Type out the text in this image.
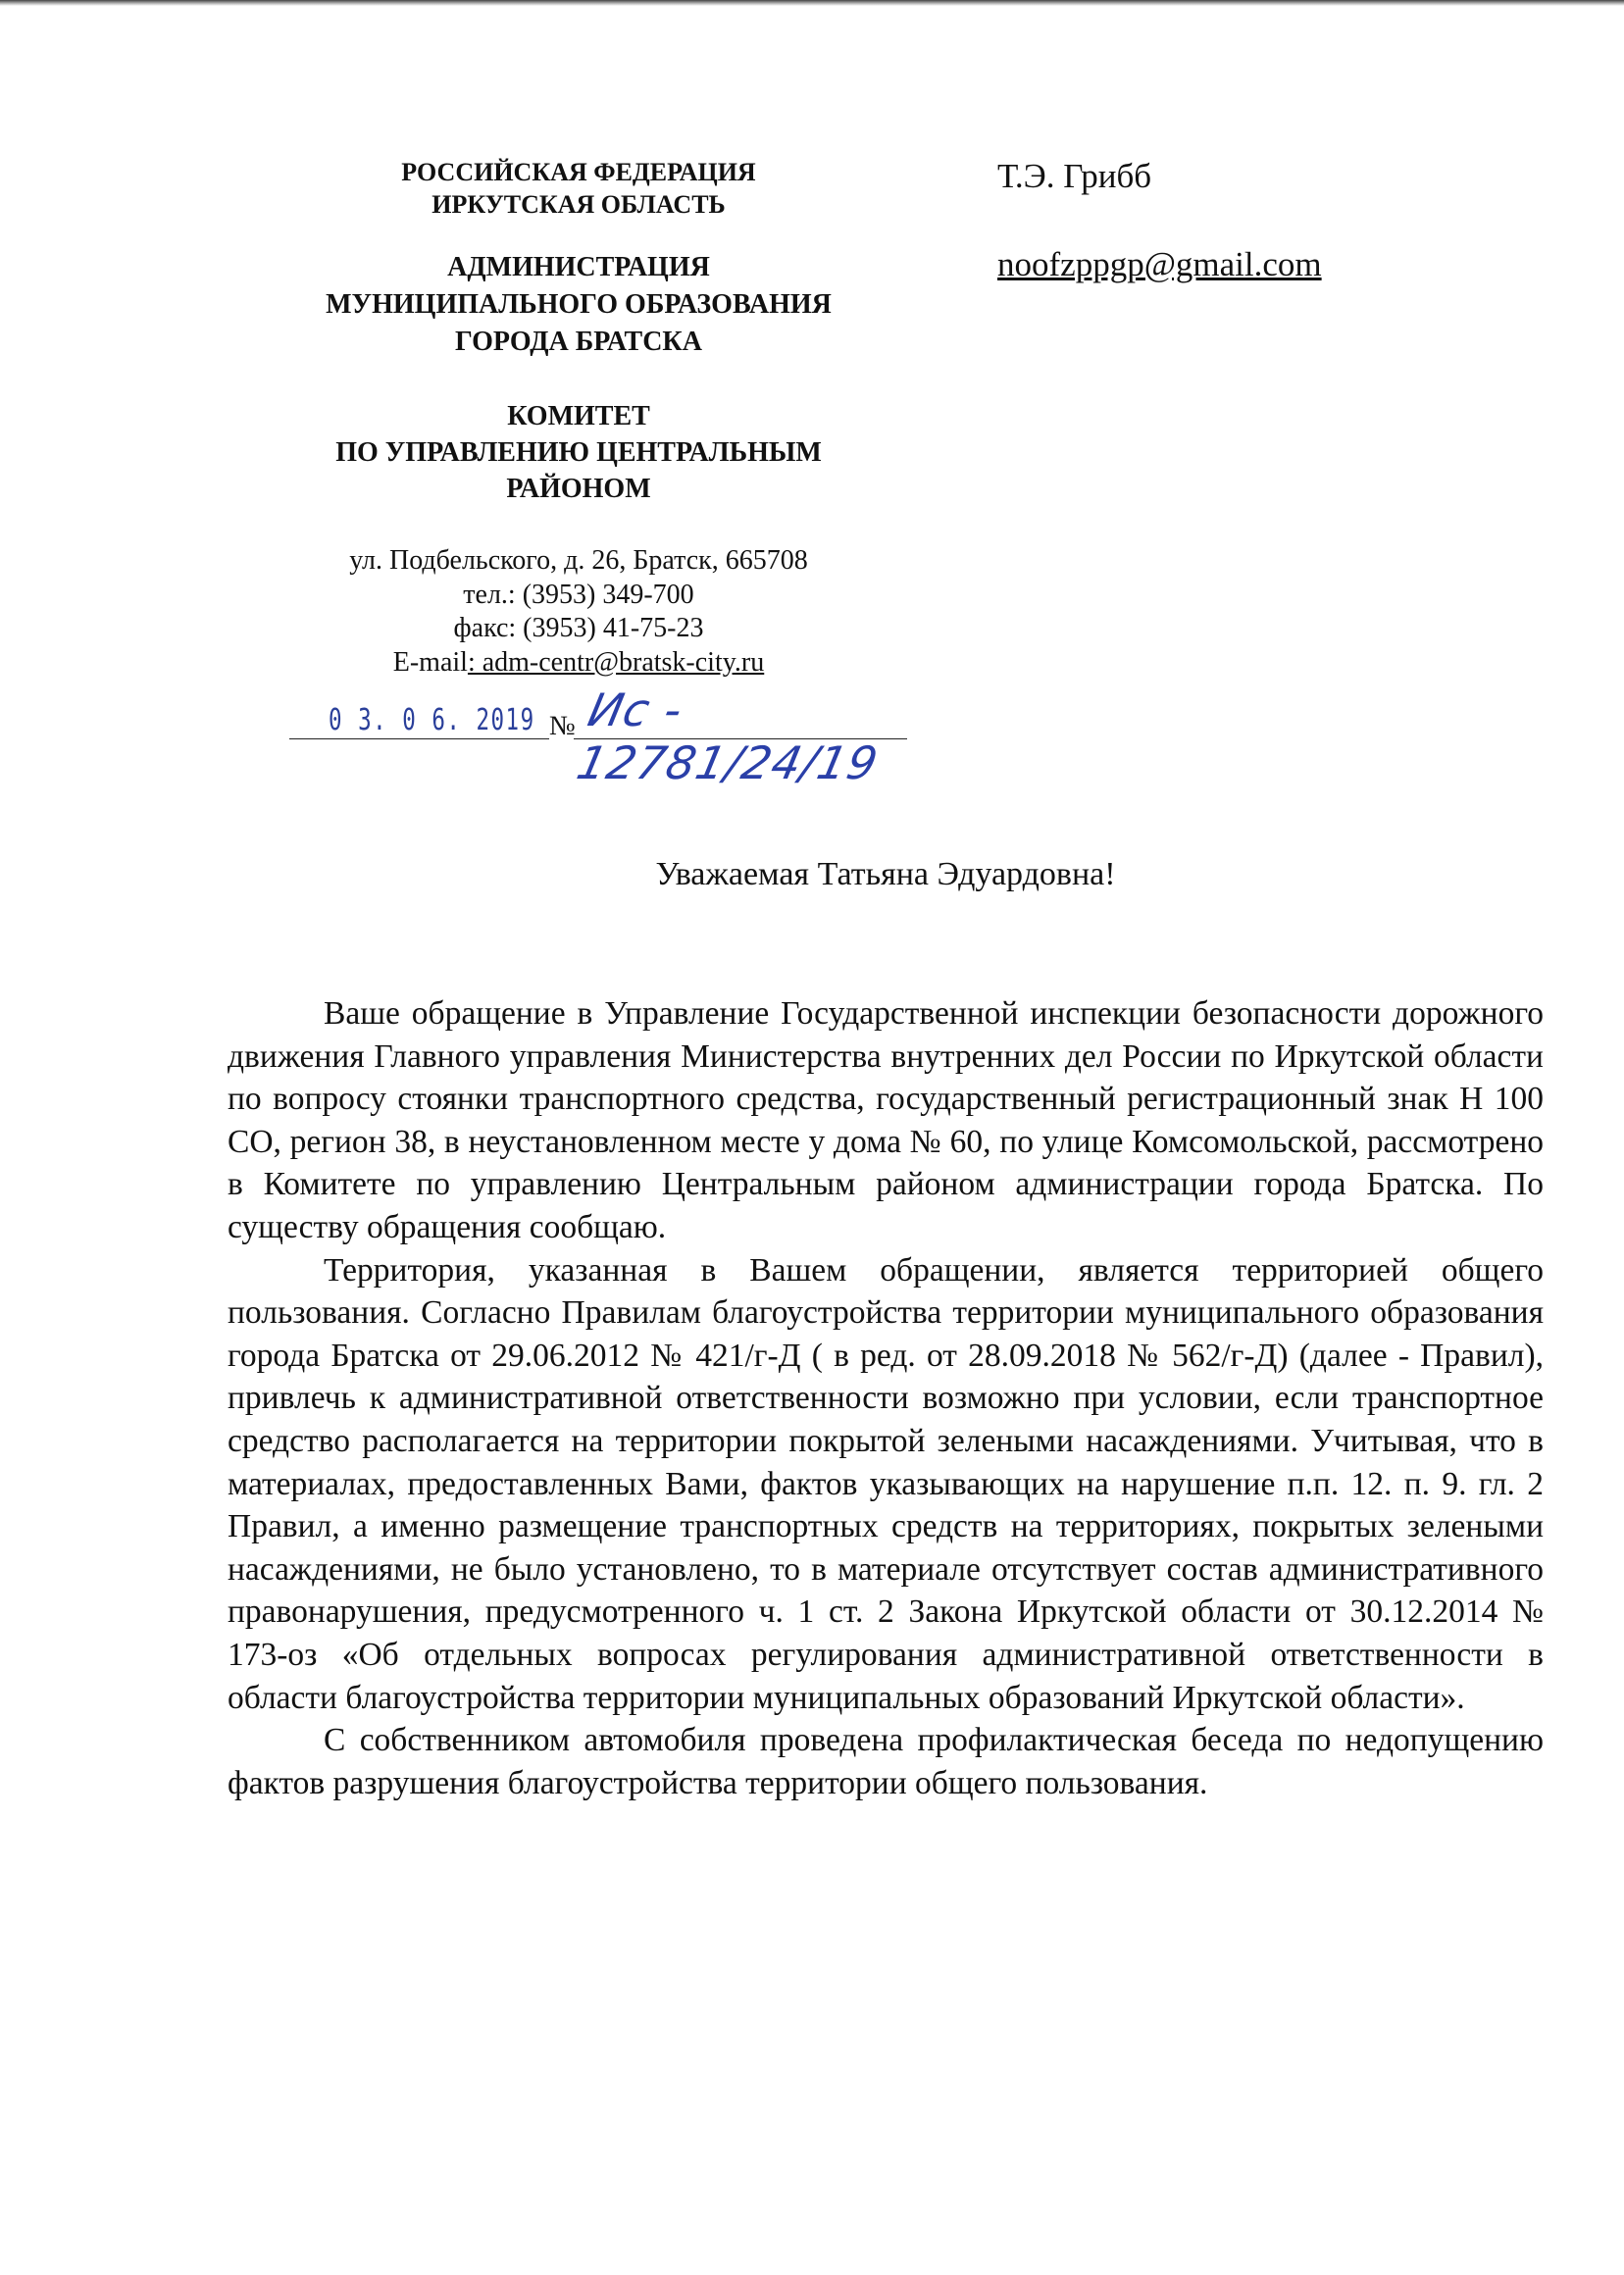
РОССИЙСКАЯ ФЕДЕРАЦИЯ
ИРКУТСКАЯ ОБЛАСТЬ
АДМИНИСТРАЦИЯ
МУНИЦИПАЛЬНОГО ОБРАЗОВАНИЯ
ГОРОДА БРАТСКА
КОМИТЕТ
ПО УПРАВЛЕНИЮ ЦЕНТРАЛЬНЫМ
РАЙОНОМ
ул. Подбельского, д. 26, Братск, 665708
тел.: (3953) 349-700
факс: (3953) 41-75-23
E-mail: adm-centr@bratsk-city.ru
0 3. 0 6. 2019 № Ис - 12781/24/19
Т.Э. Грибб
noofzppgp@gmail.com
Уважаемая Татьяна Эдуардовна!

Ваше обращение в Управление Государственной инспекции безопасности дорожного движения Главного управления Министерства внутренних дел России по Иркутской области по вопросу стоянки транспортного средства, государственный регистрационный знак Н 100 СО, регион 38, в неустановленном месте у дома № 60, по улице Комсомольской, рассмотрено в Комитете по управлению Центральным районом администрации города Братска. По существу обращения сообщаю.

Территория, указанная в Вашем обращении, является территорией общего пользования. Согласно Правилам благоустройства территории муниципального образования города Братска от 29.06.2012 № 421/г-Д ( в ред. от 28.09.2018 № 562/г-Д) (далее - Правил), привлечь к административной ответственности возможно при условии, если транспортное средство располагается на территории покрытой зелеными насаждениями. Учитывая, что в материалах, предоставленных Вами, фактов указывающих на нарушение п.п. 12. п. 9. гл. 2 Правил, а именно размещение транспортных средств на территориях, покрытых зелеными насаждениями, не было установлено, то в материале отсутствует состав административного правонарушения, предусмотренного ч. 1 ст. 2 Закона Иркутской области от 30.12.2014 № 173-оз «Об отдельных вопросах регулирования административной ответственности в области благоустройства территории муниципальных образований Иркутской области».

С собственником автомобиля проведена профилактическая беседа по недопущению фактов разрушения благоустройства территории общего пользования.
